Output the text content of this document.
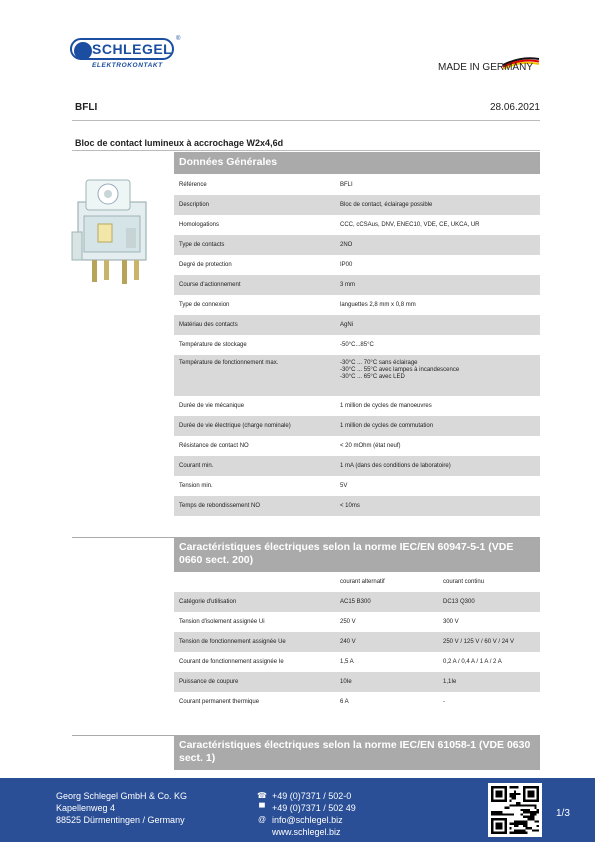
SCHLEGEL
®
ELEKTROKONTAKT	MADE IN GERMANY
BFLI	28.06.2021
Bloc de contact lumineux à accrochage W2x4,6d
Données Générales
Référence	BFLI
Description	Bloc de contact, éclairage possible
Homologations	CCC, cCSAus, DNV, ENEC10, VDE, CE, UKCA, UR
Type de contacts	2NO
Degré de protection	IP00
Course d'actionnement	3 mm
Type de connexion	languettes 2,8 mm x 0,8 mm
Matériau des contacts	AgNi
Température de stockage	-50°C...85°C
Température de fonctionnement max.	-30°C ... 70°C sans éclairage
-30°C ... 55°C avec lampes à incandescence
-30°C ... 65°C avec LED

Durée de vie mécanique	1 million de cycles de manoeuvres
Durée de vie électrique (charge nominale)	1 million de cycles de commutation
Résistance de contact NO	< 20 mOhm (état neuf)
Courant min.	1 mA (dans des conditions de laboratoire)
Tension min.	5V
Temps de rebondissement NO	< 10ms
Caractéristiques électriques selon la norme IEC/EN 60947-5-1 (VDE 0660 sect. 200)
	courant alternatif	courant continu
Catégorie d'utilisation	AC15 B300	DC13 Q300
Tension d'isolement assignée Ui	250 V	300 V
Tension de fonctionnement assignée Ue	240 V	250 V / 125 V / 60 V / 24 V
Courant de fonctionnement assignée Ie	1,5 A	0,2 A / 0,4 A / 1 A / 2 A
Puissance de coupure	10Ie	1,1Ie
Courant permanent thermique	6 A	-
Caractéristiques électriques selon la norme IEC/EN 61058-1 (VDE 0630 sect. 1)
Georg Schlegel GmbH & Co. KG
Kapellenweg 4
88525 Dürmentingen / Germany
☎ +49 (0)7371 / 502-0
▀ +49 (0)7371 / 502 49
@ info@schlegel.biz
www.schlegel.biz
1/3
